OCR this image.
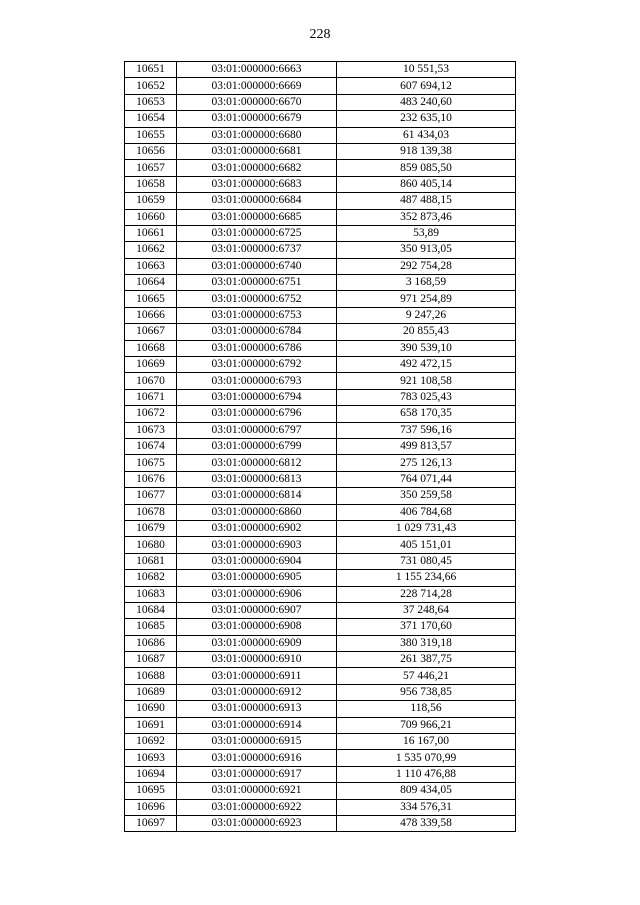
228
10651	03:01:000000:6663	10 551,53
10652	03:01:000000:6669	607 694,12
10653	03:01:000000:6670	483 240,60
10654	03:01:000000:6679	232 635,10
10655	03:01:000000:6680	61 434,03
10656	03:01:000000:6681	918 139,38
10657	03:01:000000:6682	859 085,50
10658	03:01:000000:6683	860 405,14
10659	03:01:000000:6684	487 488,15
10660	03:01:000000:6685	352 873,46
10661	03:01:000000:6725	53,89
10662	03:01:000000:6737	350 913,05
10663	03:01:000000:6740	292 754,28
10664	03:01:000000:6751	3 168,59
10665	03:01:000000:6752	971 254,89
10666	03:01:000000:6753	9 247,26
10667	03:01:000000:6784	20 855,43
10668	03:01:000000:6786	390 539,10
10669	03:01:000000:6792	492 472,15
10670	03:01:000000:6793	921 108,58
10671	03:01:000000:6794	783 025,43
10672	03:01:000000:6796	658 170,35
10673	03:01:000000:6797	737 596,16
10674	03:01:000000:6799	499 813,57
10675	03:01:000000:6812	275 126,13
10676	03:01:000000:6813	764 071,44
10677	03:01:000000:6814	350 259,58
10678	03:01:000000:6860	406 784,68
10679	03:01:000000:6902	1 029 731,43
10680	03:01:000000:6903	405 151,01
10681	03:01:000000:6904	731 080,45
10682	03:01:000000:6905	1 155 234,66
10683	03:01:000000:6906	228 714,28
10684	03:01:000000:6907	37 248,64
10685	03:01:000000:6908	371 170,60
10686	03:01:000000:6909	380 319,18
10687	03:01:000000:6910	261 387,75
10688	03:01:000000:6911	57 446,21
10689	03:01:000000:6912	956 738,85
10690	03:01:000000:6913	118,56
10691	03:01:000000:6914	709 966,21
10692	03:01:000000:6915	16 167,00
10693	03:01:000000:6916	1 535 070,99
10694	03:01:000000:6917	1 110 476,88
10695	03:01:000000:6921	809 434,05
10696	03:01:000000:6922	334 576,31
10697	03:01:000000:6923	478 339,58
